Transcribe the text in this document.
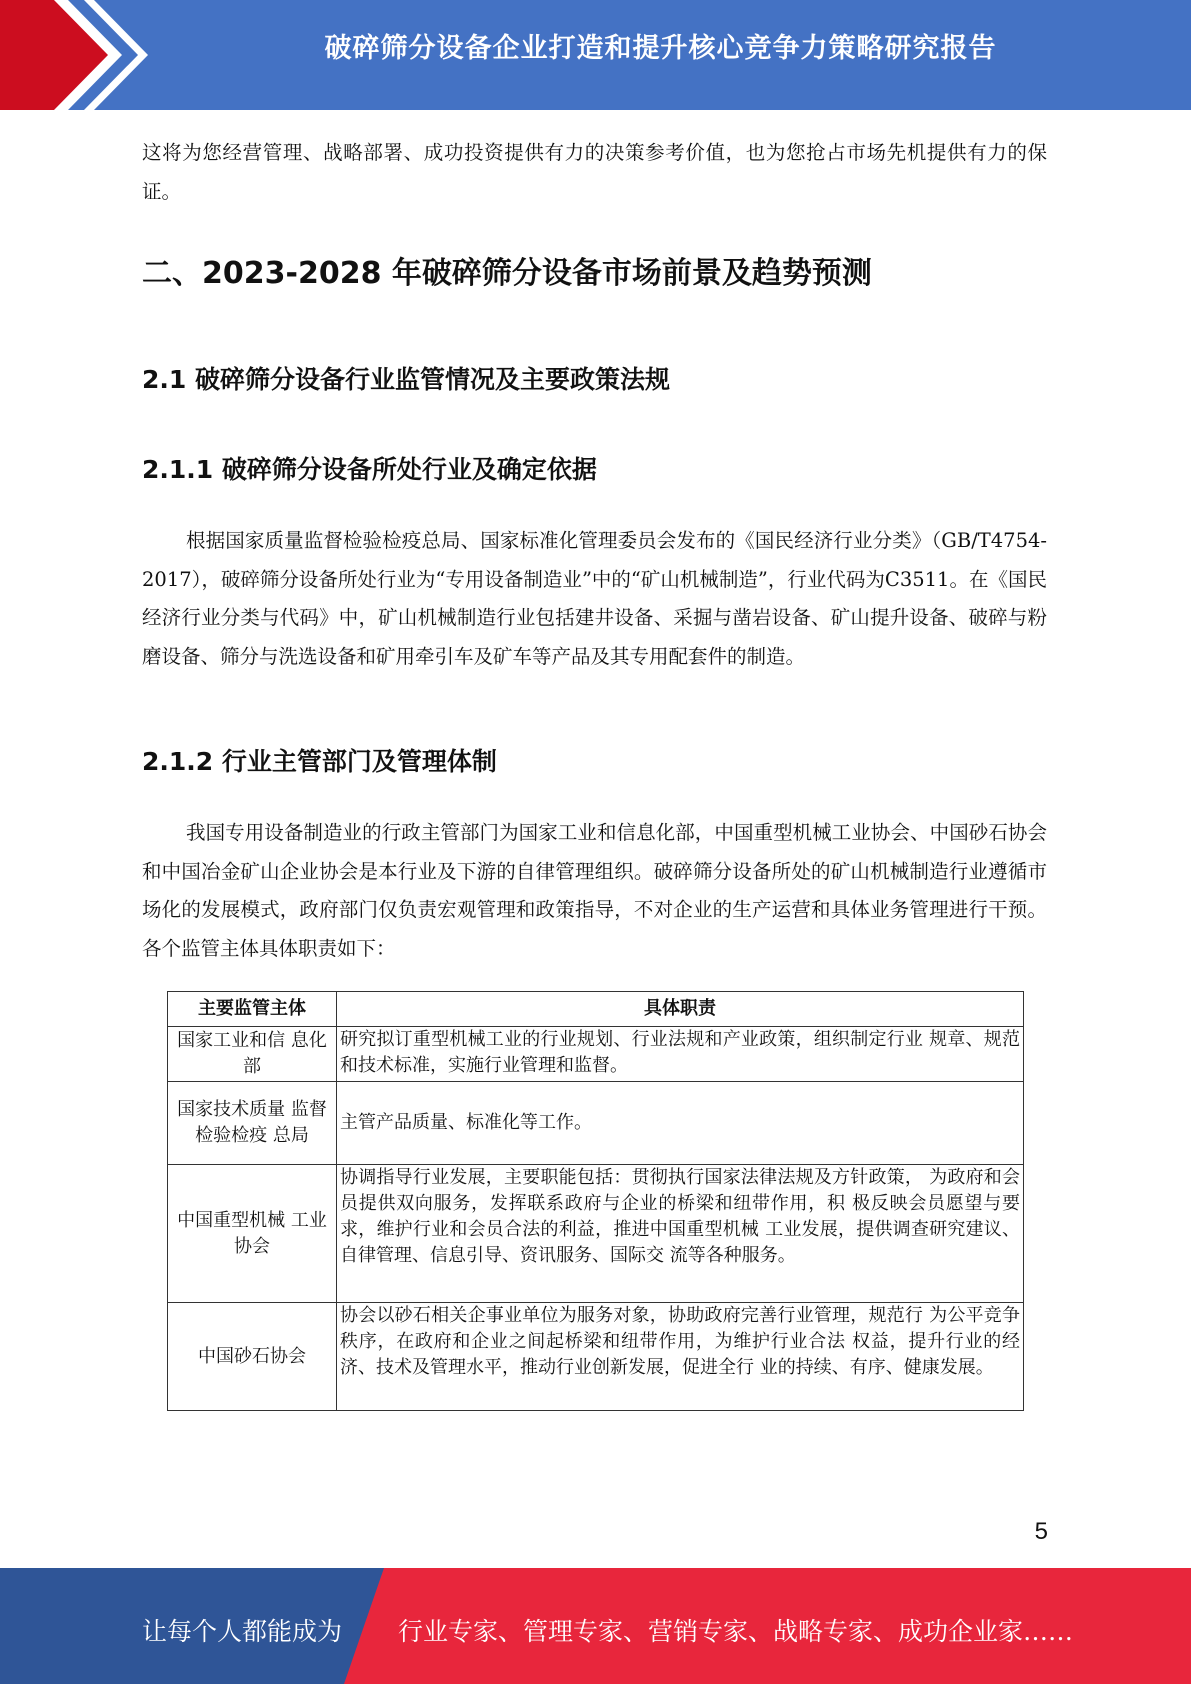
破碎筛分设备企业打造和提升核心竞争力策略研究报告

这将为您经营管理、战略部署、成功投资提供有力的决策参考价值，也为您抢占市场先机提供有力的保证。

二、2023-2028 年破碎筛分设备市场前景及趋势预测
2.1 破碎筛分设备行业监管情况及主要政策法规
2.1.1 破碎筛分设备所处行业及确定依据

根据国家质量监督检验检疫总局、国家标准化管理委员会发布的《国民经济行业分类》（GB/T4754-2017），破碎筛分设备所处行业为“专用设备制造业”中的“矿山机械制造”，行业代码为C3511。在《国民经济行业分类与代码》中，矿山机械制造行业包括建井设备、采掘与凿岩设备、矿山提升设备、破碎与粉磨设备、筛分与洗选设备和矿用牵引车及矿车等产品及其专用配套件的制造。

2.1.2 行业主管部门及管理体制

我国专用设备制造业的行政主管部门为国家工业和信息化部，中国重型机械工业协会、中国砂石协会和中国冶金矿山企业协会是本行业及下游的自律管理组织。破碎筛分设备所处的矿山机械制造行业遵循市场化的发展模式，政府部门仅负责宏观管理和政策指导，不对企业的生产运营和具体业务管理进行干预。各个监管主体具体职责如下：

主要监管主体	具体职责
国家工业和信 息化部	研究拟订重型机械工业的行业规划、行业法规和产业政策，组织制定行业 规章、规范和技术标准，实施行业管理和监督。
国家技术质量 监督检验检疫 总局	主管产品质量、标准化等工作。
中国重型机械 工业协会	协调指导行业发展，主要职能包括：贯彻执行国家法律法规及方针政策， 为政府和会员提供双向服务，发挥联系政府与企业的桥梁和纽带作用，积 极反映会员愿望与要求，维护行业和会员合法的利益，推进中国重型机械 工业发展，提供调查研究建议、自律管理、信息引导、资讯服务、国际交 流等各种服务。
中国砂石协会	协会以砂石相关企事业单位为服务对象，协助政府完善行业管理，规范行 为公平竞争秩序，在政府和企业之间起桥梁和纽带作用，为维护行业合法 权益，提升行业的经济、技术及管理水平，推动行业创新发展，促进全行 业的持续、有序、健康发展。
5
让每个人都能成为 行业专家、管理专家、营销专家、战略专家、成功企业家……
